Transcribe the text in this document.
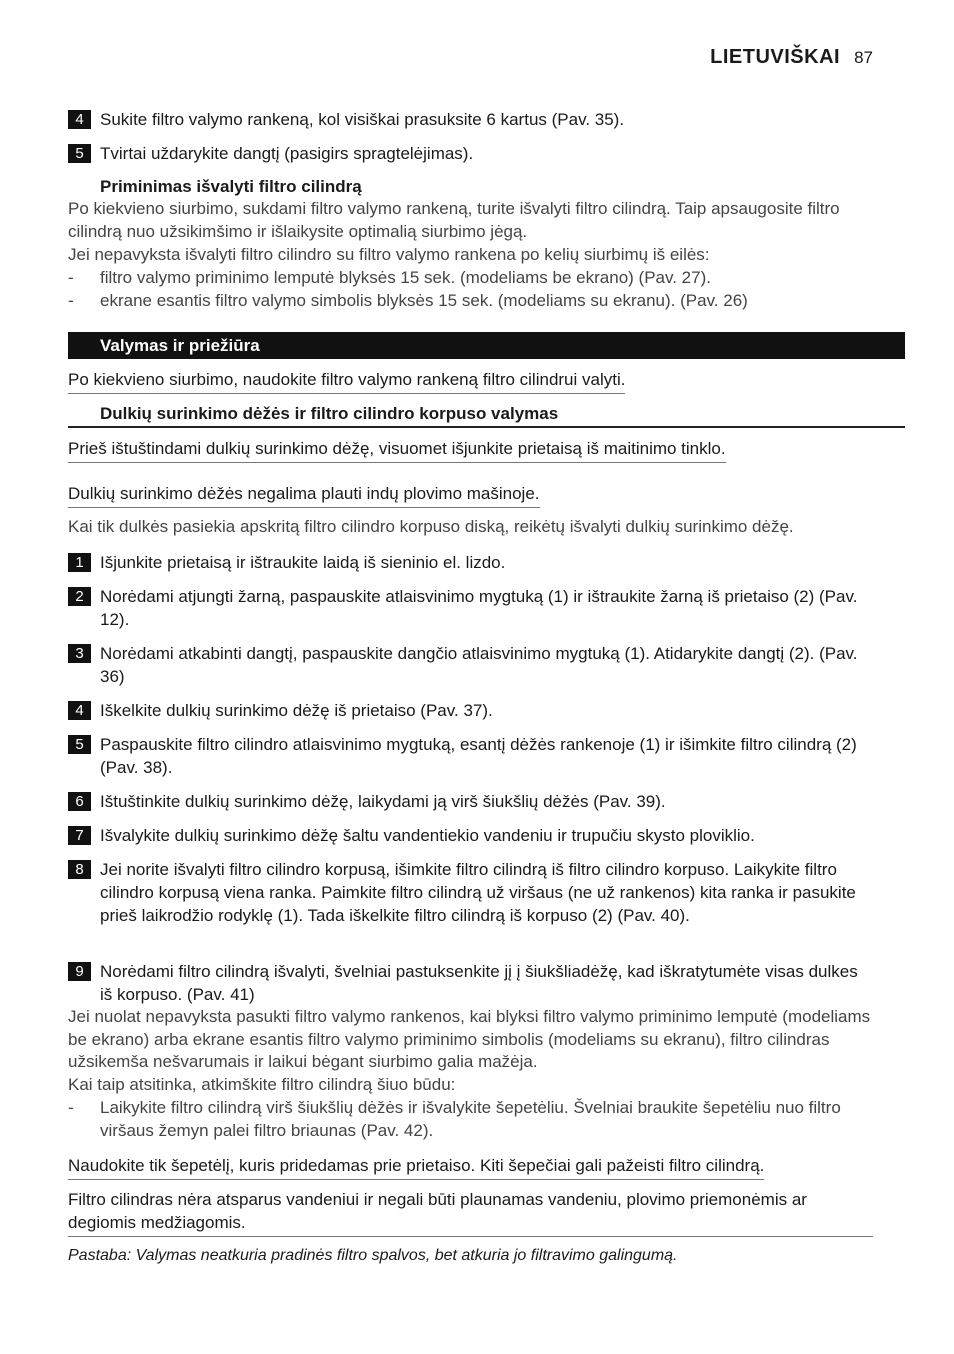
LIETUVIŠKAI 87
4 Sukite filtro valymo rankeną, kol visiškai prasuksite 6 kartus (Pav. 35).
5 Tvirtai uždarykite dangtį (pasigirs spragtelėjimas).
Priminimas išvalyti filtro cilindrą
Po kiekvieno siurbimo, sukdami filtro valymo rankeną, turite išvalyti filtro cilindrą. Taip apsaugosite filtro cilindrą nuo užsikimšimo ir išlaikysite optimalią siurbimo jėgą.
Jei nepavyksta išvalyti filtro cilindro su filtro valymo rankena po kelių siurbimų iš eilės:
-	filtro valymo priminimo lemputė blyksės 15 sek. (modeliams be ekrano) (Pav. 27).
-	ekrane esantis filtro valymo simbolis blyksės 15 sek. (modeliams su ekranu). (Pav. 26)
Valymas ir priežiūra
Po kiekvieno siurbimo, naudokite filtro valymo rankeną filtro cilindrui valyti.
Dulkių surinkimo dėžės ir filtro cilindro korpuso valymas
Prieš ištuštindami dulkių surinkimo dėžę, visuomet išjunkite prietaisą iš maitinimo tinklo.
Dulkių surinkimo dėžės negalima plauti indų plovimo mašinoje.
Kai tik dulkės pasiekia apskritą filtro cilindro korpuso diską, reikėtų išvalyti dulkių surinkimo dėžę.
1 Išjunkite prietaisą ir ištraukite laidą iš sieninio el. lizdo.
2 Norėdami atjungti žarną, paspauskite atlaisvinimo mygtuką (1) ir ištraukite žarną iš prietaiso (2) (Pav. 12).
3 Norėdami atkabinti dangtį, paspauskite dangčio atlaisvinimo mygtuką (1). Atidarykite dangtį (2). (Pav. 36)
4 Iškelkite dulkių surinkimo dėžę iš prietaiso (Pav. 37).
5 Paspauskite filtro cilindro atlaisvinimo mygtuką, esantį dėžės rankenoje (1) ir išimkite filtro cilindrą (2) (Pav. 38).
6 Ištuštinkite dulkių surinkimo dėžę, laikydami ją virš šiukšlių dėžės (Pav. 39).
7 Išvalykite dulkių surinkimo dėžę šaltu vandentiekio vandeniu ir trupučiu skysto ploviklio.
8 Jei norite išvalyti filtro cilindro korpusą, išimkite filtro cilindrą iš filtro cilindro korpuso. Laikykite filtro cilindro korpusą viena ranka. Paimkite filtro cilindrą už viršaus (ne už rankenos) kita ranka ir pasukite prieš laikrodžio rodyklę (1). Tada iškelkite filtro cilindrą iš korpuso (2) (Pav. 40).
9 Norėdami filtro cilindrą išvalyti, švelniai pastuksenkite jį į šiukšliadėžę, kad iškratytumėte visas dulkes iš korpuso. (Pav. 41)
Jei nuolat nepavyksta pasukti filtro valymo rankenos, kai blyksi filtro valymo priminimo lemputė (modeliams be ekrano) arba ekrane esantis filtro valymo priminimo simbolis (modeliams su ekranu), filtro cilindras užsikemša nešvarumais ir laikui bėgant siurbimo galia mažėja.
Kai taip atsitinka, atkimškite filtro cilindrą šiuo būdu:
-	Laikykite filtro cilindrą virš šiukšlių dėžės ir išvalykite šepetėliu. Švelniai braukite šepetėliu nuo filtro viršaus žemyn palei filtro briaunas (Pav. 42).
Naudokite tik šepetėlį, kuris pridedamas prie prietaiso. Kiti šepečiai gali pažeisti filtro cilindrą.
Filtro cilindras nėra atsparus vandeniui ir negali būti plaunamas vandeniu, plovimo priemonėmis ar degiomis medžiagomis.
Pastaba: Valymas neatkuria pradinės filtro spalvos, bet atkuria jo filtravimo galingumą.
